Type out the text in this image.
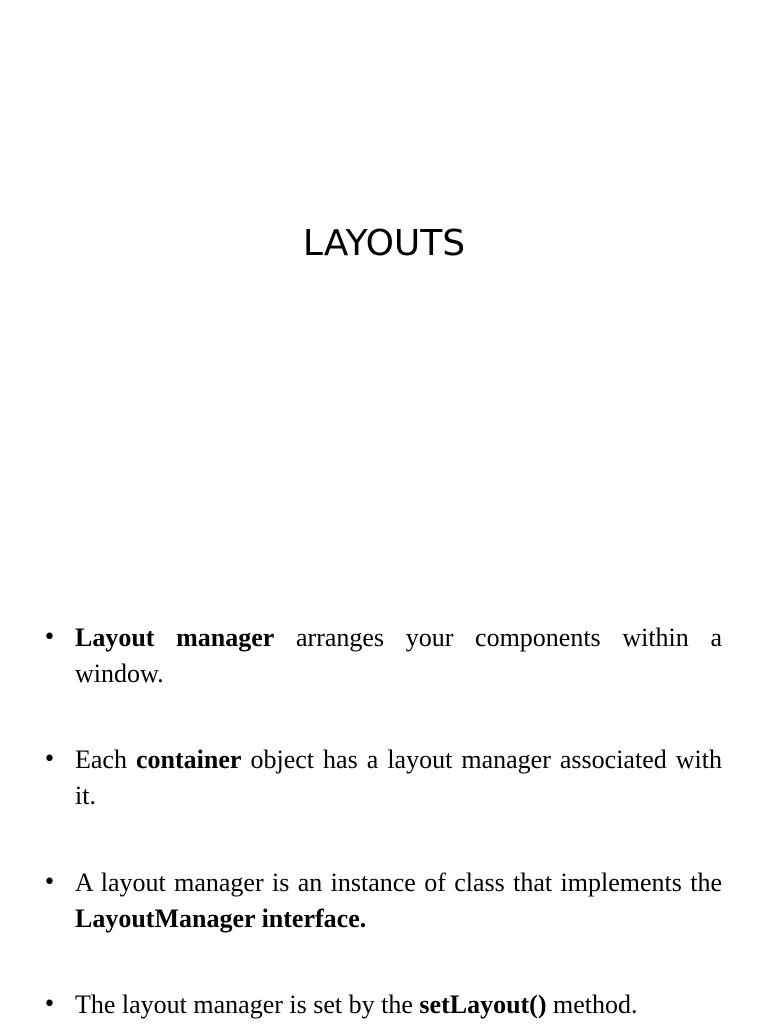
LAYOUTS
• Layout manager arranges your components within a window.
• Each container object has a layout manager associated with it.
• A layout manager is an instance of class that implements the LayoutManager interface.
• The layout manager is set by the setLayout() method.
